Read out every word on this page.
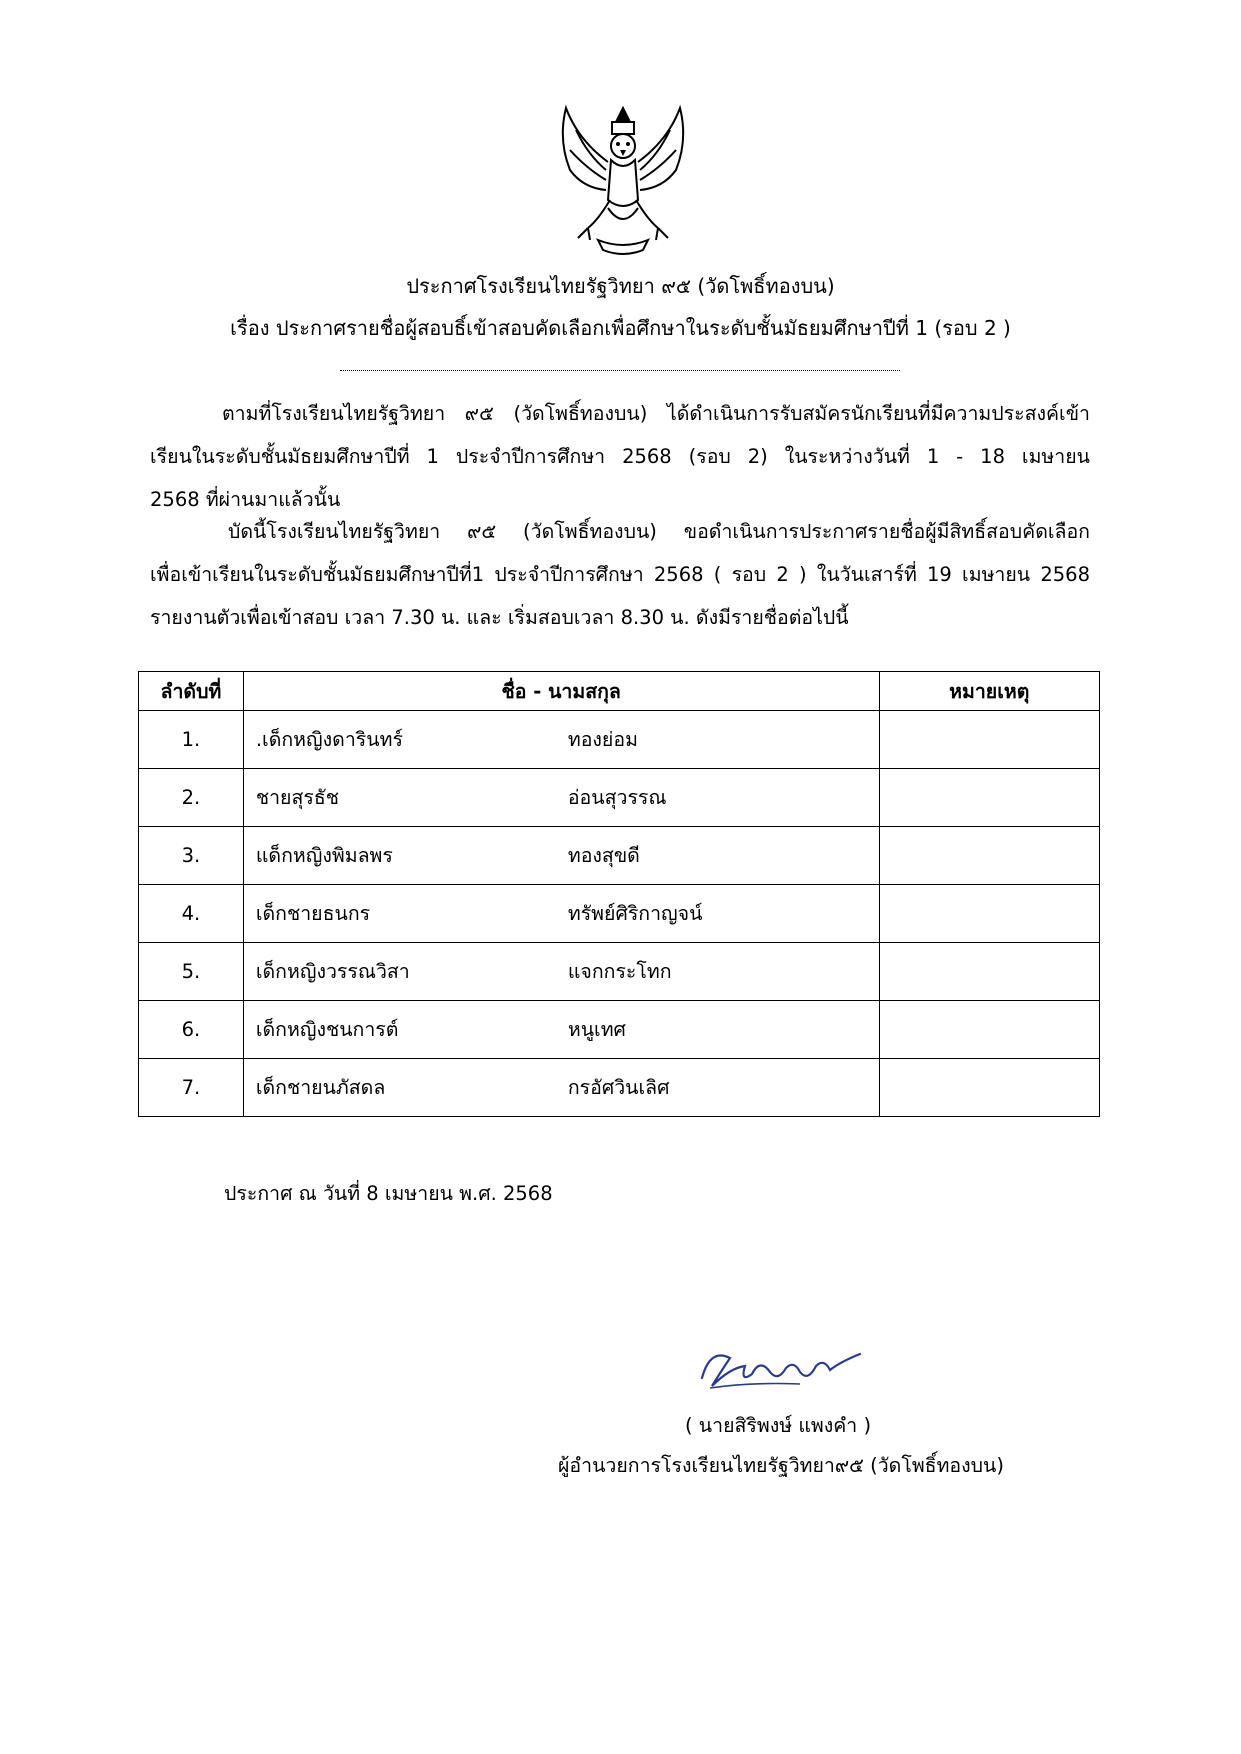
ประกาศโรงเรียนไทยรัฐวิทยา ๙๕ (วัดโพธิ์ทองบน)
เรื่อง ประกาศรายชื่อผู้สอบธิ์เข้าสอบคัดเลือกเพื่อศึกษาในระดับชั้นมัธยมศึกษาปีที่ 1 (รอบ 2 )
ตามที่โรงเรียนไทยรัฐวิทยา ๙๕ (วัดโพธิ์ทองบน) ได้ดำเนินการรับสมัครนักเรียนที่มีความประสงค์เข้า
เรียนในระดับชั้นมัธยมศึกษาปีที่ 1 ประจำปีการศึกษา 2568 (รอบ 2) ในระหว่างวันที่ 1 - 18 เมษายน
2568 ที่ผ่านมาแล้วนั้น
บัดนี้โรงเรียนไทยรัฐวิทยา ๙๕ (วัดโพธิ์ทองบน) ขอดำเนินการประกาศรายชื่อผู้มีสิทธิ์สอบคัดเลือก
เพื่อเข้าเรียนในระดับชั้นมัธยมศึกษาปีที่1 ประจำปีการศึกษา 2568 ( รอบ 2 ) ในวันเสาร์ที่ 19 เมษายน 2568
รายงานตัวเพื่อเข้าสอบ เวลา 7.30 น. และ เริ่มสอบเวลา 8.30 น. ดังมีรายชื่อต่อไปนี้
ลำดับที่	ชื่อ - นามสกุล	หมายเหตุ
1.	.เด็กหญิงดารินทร์ ทองย่อม	
2.	ชายสุรธัช อ่อนสุวรรณ	
3.	แด็กหญิงพิมลพร ทองสุขดี	
4.	เด็กชายธนกร ทรัพย์ศิริกาญจน์	
5.	เด็กหญิงวรรณวิสา แจกกระโทก	
6.	เด็กหญิงชนการต์ หนูเทศ	
7.	เด็กชายนภัสดล กรอัศวินเลิศ	
ประกาศ ณ วันที่ 8 เมษายน พ.ศ. 2568
( นายสิริพงษ์ แพงคำ )
ผู้อำนวยการโรงเรียนไทยรัฐวิทยา๙๕ (วัดโพธิ์ทองบน)
